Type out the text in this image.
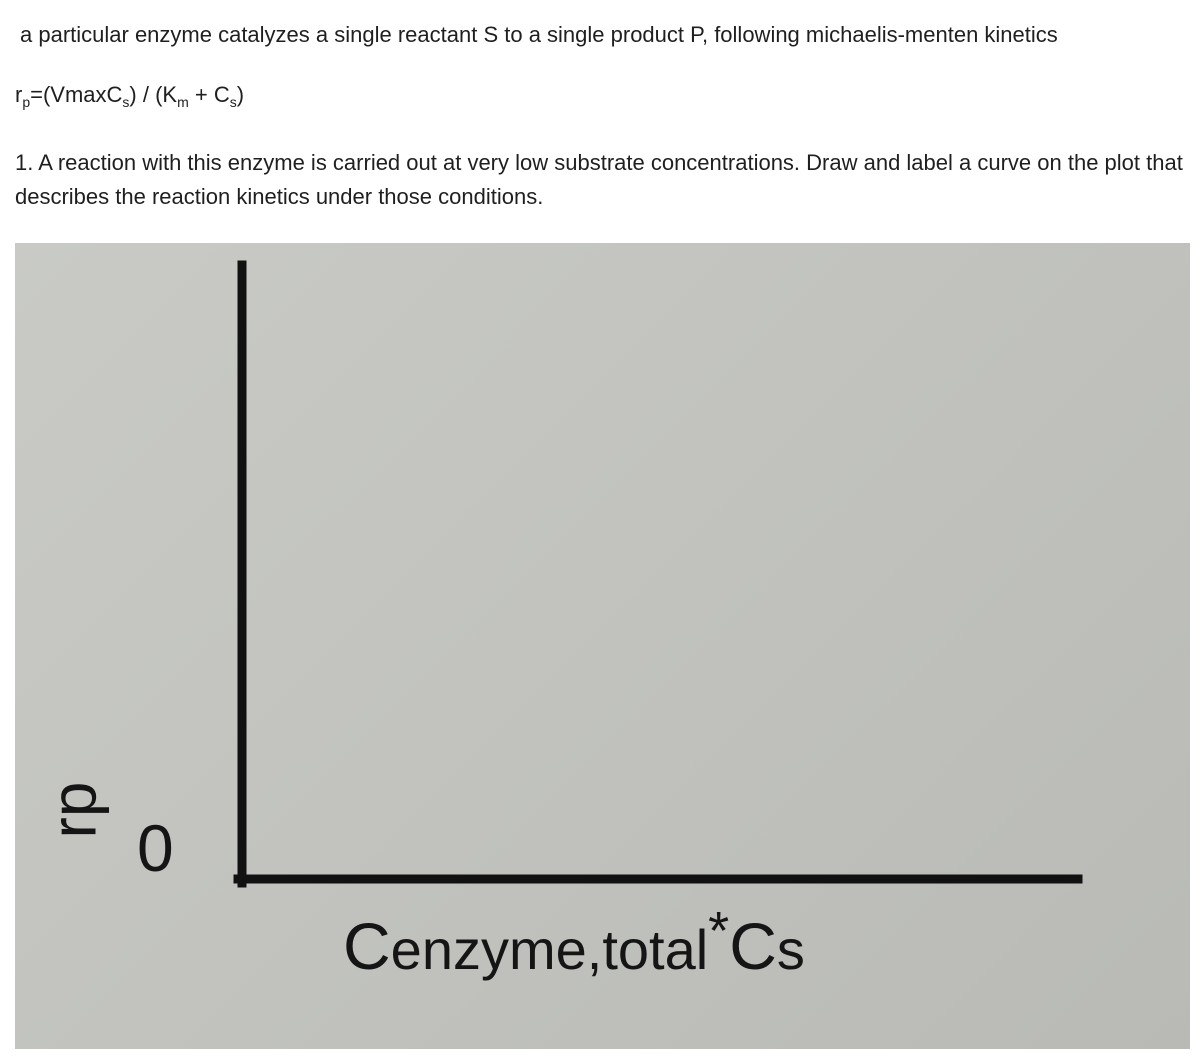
a particular enzyme catalyzes a single reactant S to a single product P, following michaelis-menten kinetics
$r_p=(VmaxC_s) / (K_m + C_s)$
1. A reaction with this enzyme is carried out at very low substrate concentrations. Draw and label a curve on the plot that describes the reaction kinetics under those conditions.
rp
0
Cenzyme,total*Cs
